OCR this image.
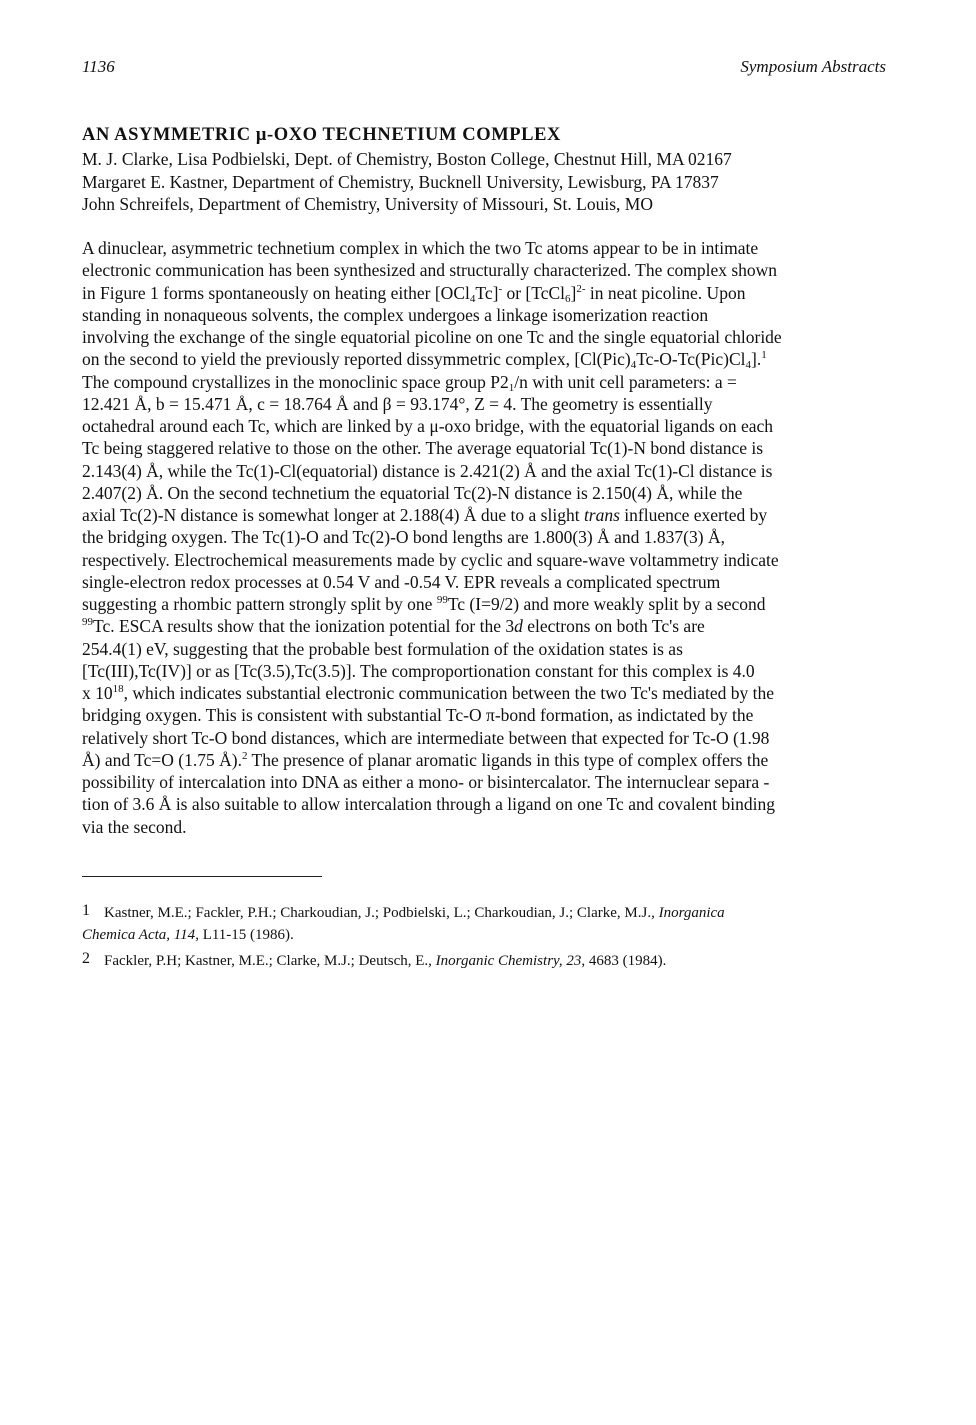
1136	Symposium Abstracts
AN ASYMMETRIC μ-OXO TECHNETIUM COMPLEX
M. J. Clarke, Lisa Podbielski, Dept. of Chemistry, Boston College, Chestnut Hill, MA 02167
Margaret E. Kastner, Department of Chemistry, Bucknell University, Lewisburg, PA 17837
John Schreifels, Department of Chemistry, University of Missouri, St. Louis, MO
A dinuclear, asymmetric technetium complex in which the two Tc atoms appear to be in intimate
electronic communication has been synthesized and structurally characterized. The complex shown
in Figure 1 forms spontaneously on heating either [OCl$_4$Tc]- or [TcCl$_6$]$^{2-}$ in neat picoline. Upon
standing in nonaqueous solvents, the complex undergoes a linkage isomerization reaction
involving the exchange of the single equatorial picoline on one Tc and the single equatorial chloride
on the second to yield the previously reported dissymmetric complex, $[Cl(Pic)_4Tc-O-Tc(Pic)Cl_4].^1$
The compound crystallizes in the monoclinic space group $P2_1/n$ with unit cell parameters: a =
12.421 Å, b = 15.471 Å, c = 18.764 Å and β = 93.174°, Z = 4. The geometry is essentially
octahedral around each Tc, which are linked by a μ-oxo bridge, with the equatorial ligands on each
Tc being staggered relative to those on the other. The average equatorial Tc(1)-N bond distance is
2.143(4) Å, while the Tc(1)-Cl(equatorial) distance is 2.421(2) Å and the axial Tc(1)-Cl distance is
2.407(2) Å. On the second technetium the equatorial Tc(2)-N distance is 2.150(4) Å, while the
axial Tc(2)-N distance is somewhat longer at 2.188(4) Å due to a slight trans influence exerted by
the bridging oxygen. The Tc(1)-O and Tc(2)-O bond lengths are 1.800(3) Å and 1.837(3) Å,
respectively. Electrochemical measurements made by cyclic and square-wave voltammetry indicate
single-electron redox processes at 0.54 V and -0.54 V. EPR reveals a complicated spectrum
suggesting a rhombic pattern strongly split by one $^{99}$Tc (I=9/2) and more weakly split by a second
$^{99}$Tc. ESCA results show that the ionization potential for the 3d electrons on both Tc's are
254.4(1) eV, suggesting that the probable best formulation of the oxidation states is as
[Tc(III),Tc(IV)] or as [Tc(3.5),Tc(3.5)]. The comproportionation constant for this complex is 4.0
x $10^{18}$, which indicates substantial electronic communication between the two Tc's mediated by the
bridging oxygen. This is consistent with substantial Tc-O π-bond formation, as indictated by the
relatively short Tc-O bond distances, which are intermediate between that expected for Tc-O (1.98
Å) and Tc=O (1.75 Å).$^2$ The presence of planar aromatic ligands in this type of complex offers the
possibility of intercalation into DNA as either a mono- or bisintercalator. The internuclear separa -
tion of 3.6 Å is also suitable to allow intercalation through a ligand on one Tc and covalent binding
via the second.
1 Kastner, M.E.; Fackler, P.H.; Charkoudian, J.; Podbielski, L.; Charkoudian, J.; Clarke, M.J., Inorganica
Chemica Acta, 114, L11-15 (1986).
2 Fackler, P.H; Kastner, M.E.; Clarke, M.J.; Deutsch, E., Inorganic Chemistry, 23, 4683 (1984).
